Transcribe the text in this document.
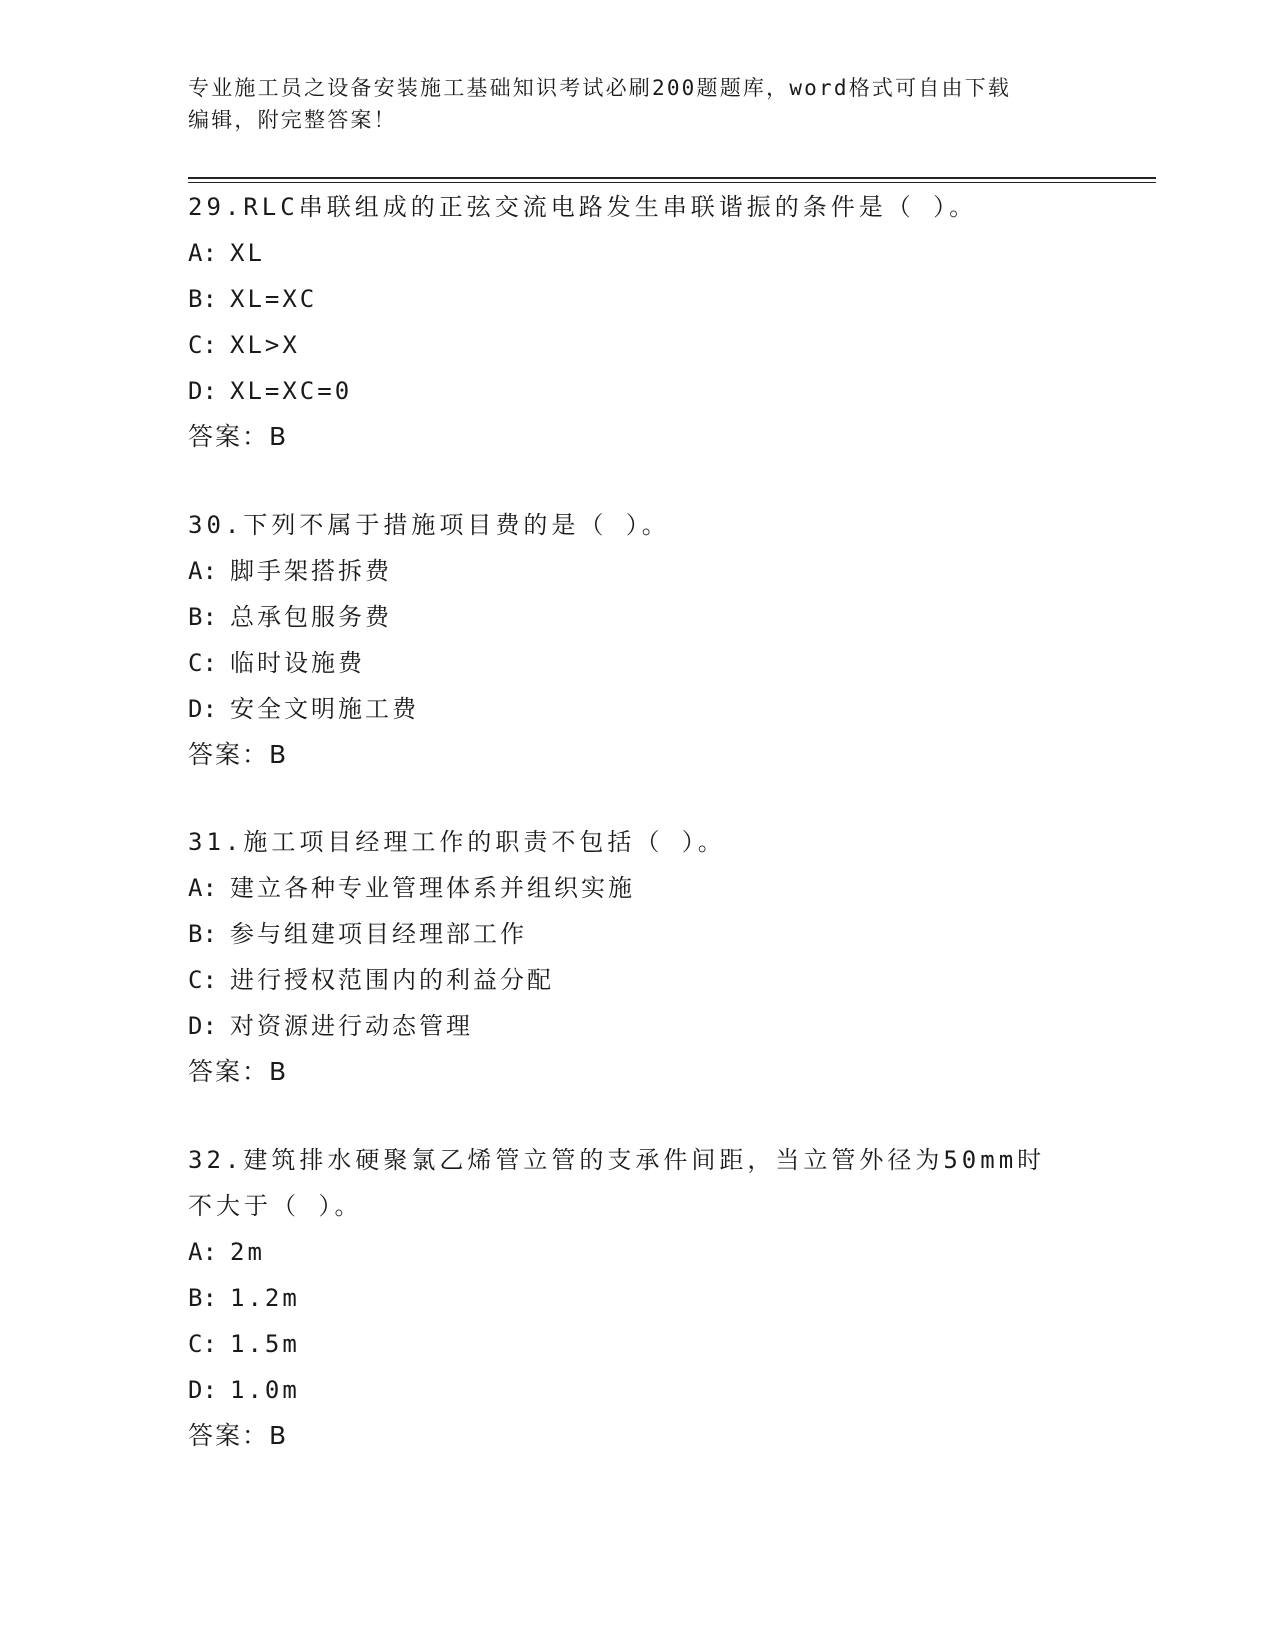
专业施工员之设备安装施工基础知识考试必刷200题题库，word格式可自由下载
编辑，附完整答案！
29.RLC串联组成的正弦交流电路发生串联谐振的条件是（ ）。
A: XL
B: XL=XC
C: XL>X
D: XL=XC=0
答案：B
30.下列不属于措施项目费的是（ ）。
A: 脚手架搭拆费
B: 总承包服务费
C: 临时设施费
D: 安全文明施工费
答案：B
31.施工项目经理工作的职责不包括（ ）。
A: 建立各种专业管理体系并组织实施
B: 参与组建项目经理部工作
C: 进行授权范围内的利益分配
D: 对资源进行动态管理
答案：B
32.建筑排水硬聚氯乙烯管立管的支承件间距，当立管外径为50mm时
不大于（ ）。
A: 2m
B: 1.2m
C: 1.5m
D: 1.0m
答案：B
